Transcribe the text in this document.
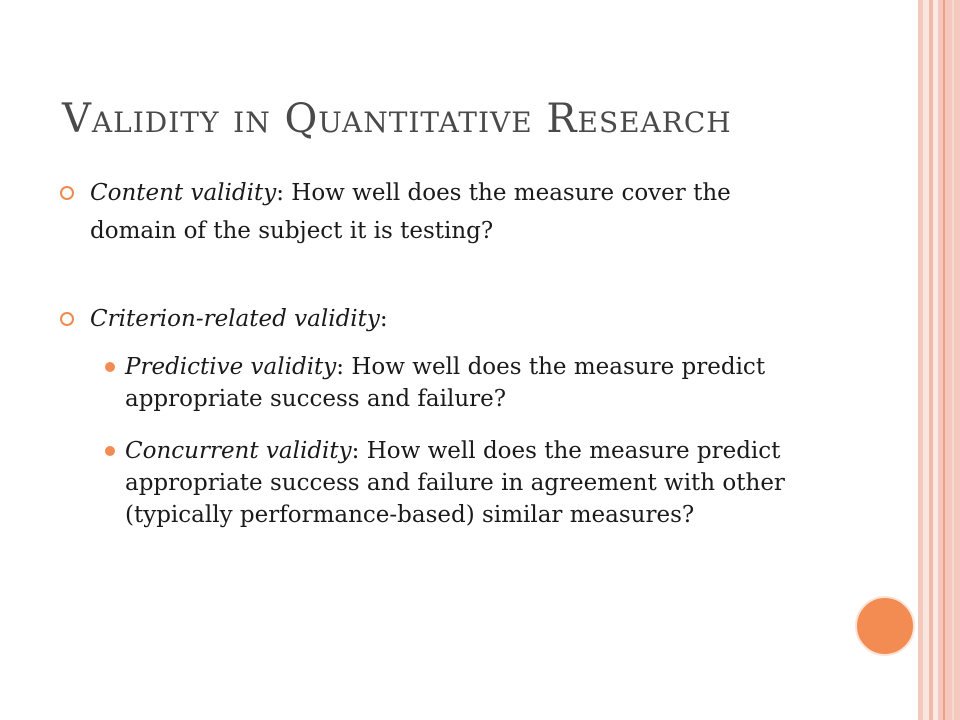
VALIDITY IN QUANTITATIVE RESEARCH
Content validity: How well does the measure cover the domain of the subject it is testing?
Criterion-related validity:
Predictive validity: How well does the measure predict appropriate success and failure?
Concurrent validity: How well does the measure predict appropriate success and failure in agreement with other (typically performance-based) similar measures?
